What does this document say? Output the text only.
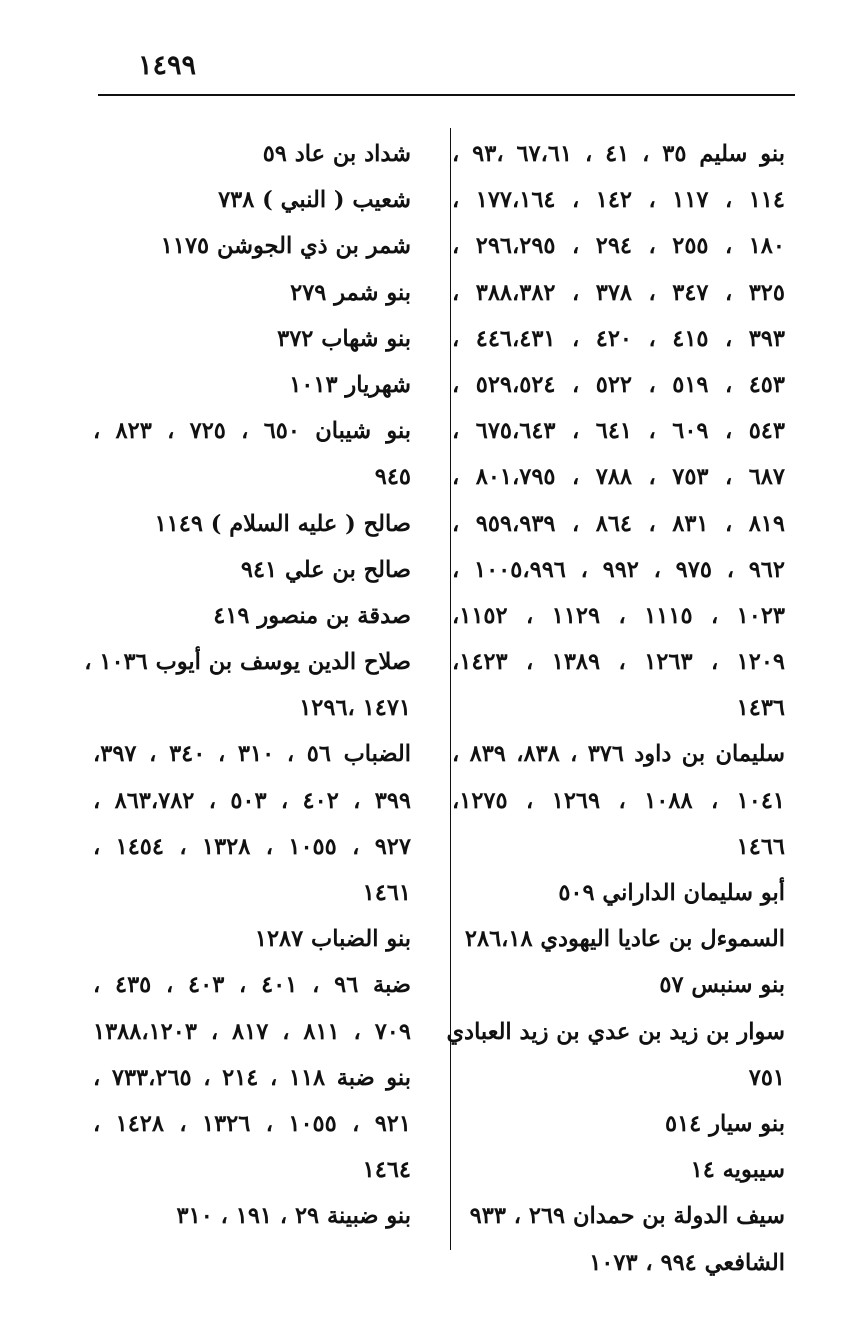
١٤٩٩
بنو سليم ٣٥ ، ٤١ ، ٦٧،٦١ ،٩٣ ،
١١٤ ، ١١٧ ، ١٤٢ ، ١٧٧،١٦٤ ،
١٨٠ ، ٢٥٥ ، ٢٩٤ ، ٢٩٦،٢٩٥ ،
٣٢٥ ، ٣٤٧ ، ٣٧٨ ، ٣٨٨،٣٨٢ ،
٣٩٣ ، ٤١٥ ، ٤٢٠ ، ٤٤٦،٤٣١ ،
٤٥٣ ، ٥١٩ ، ٥٢٢ ، ٥٢٩،٥٢٤ ،
٥٤٣ ، ٦٠٩ ، ٦٤١ ، ٦٧٥،٦٤٣ ،
٦٨٧ ، ٧٥٣ ، ٧٨٨ ، ٨٠١،٧٩٥ ،
٨١٩ ، ٨٣١ ، ٨٦٤ ، ٩٥٩،٩٣٩ ،
٩٦٢ ، ٩٧٥ ، ٩٩٢ ، ١٠٠٥،٩٩٦ ،
١٠٢٣ ، ١١١٥ ، ١١٢٩ ، ١١٥٢،
١٢٠٩ ، ١٢٦٣ ، ١٣٨٩ ، ١٤٢٣،
١٤٣٦
سليمان بن داود ٣٧٦ ، ٨٣٨، ٨٣٩ ،
١٠٤١ ، ١٠٨٨ ، ١٢٦٩ ، ١٢٧٥،
١٤٦٦
أبو سليمان الداراني ٥٠٩
السموءل بن عاديا اليهودي ٢٨٦،١٨
بنو سنبس ٥٧
سوار بن زيد بن عدي بن زيد العبادي
٧٥١
بنو سيار ٥١٤
سيبويه ١٤
سيف الدولة بن حمدان ٢٦٩ ، ٩٣٣
الشافعي ٩٩٤ ، ١٠٧٣
شداد بن عاد ٥٩
شعيب ( النبي ) ٧٣٨
شمر بن ذي الجوشن ١١٧٥
بنو شمر ٢٧٩
بنو شهاب ٣٧٢
شهريار ١٠١٣
بنو شيبان ٦٥٠ ، ٧٢٥ ، ٨٢٣ ،
٩٤٥
صالح ( عليه السلام ) ١١٤٩
صالح بن علي ٩٤١
صدقة بن منصور ٤١٩
صلاح الدين يوسف بن أيوب ١٠٣٦ ،
١٤٧١ ،١٢٩٦
الضباب ٥٦ ، ٣١٠ ، ٣٤٠ ، ٣٩٧،
٣٩٩ ، ٤٠٢ ، ٥٠٣ ، ٨٦٣،٧٨٢ ،
٩٢٧ ، ١٠٥٥ ، ١٣٢٨ ، ١٤٥٤ ،
١٤٦١
بنو الضباب ١٢٨٧
ضبة ٩٦ ، ٤٠١ ، ٤٠٣ ، ٤٣٥ ،
٧٠٩ ، ٨١١ ، ٨١٧ ، ١٣٨٨،١٢٠٣
بنو ضبة ١١٨ ، ٢١٤ ، ٧٣٣،٢٦٥ ،
٩٢١ ، ١٠٥٥ ، ١٣٢٦ ، ١٤٢٨ ،
١٤٦٤
بنو ضبينة ٢٩ ، ١٩١ ، ٣١٠
